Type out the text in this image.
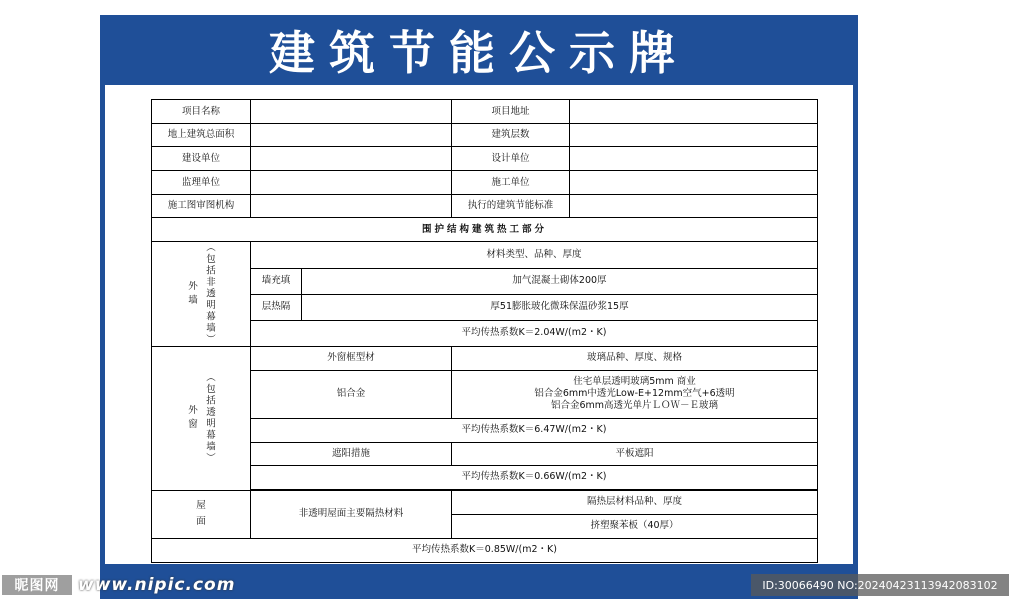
建筑节能公示牌
项目名称			项目地址	
地上建筑总面积			建筑层数	
建设单位			设计单位	
监理单位			施工单位	
施工图审图机构			执行的建筑节能标准	
围护结构建筑热工部分				

外墙 （包括非透明幕墙）	材料类型、品种、厚度			
	墙充填	加气混凝土砌体200厚		
	层热隔	厚51膨胀玻化微珠保温砂浆15厚		
	平均传热系数K＝2.04W/(m2・K)			

外窗 （包括透明幕墙）	外窗框型材		玻璃品种、厚度、规格	
	铝合金		住宅单层透明玻璃5mm 商业
铝合金6mm中透光Low-E+12mm空气+6透明
铝合金6mm高透光单片ＬＯＷ－Ｅ玻璃	

	平均传热系数K＝6.47W/(m2・K)			
	遮阳措施		平板遮阳	
	平均传热系数K＝0.66W/(m2・K)			

屋面	非透明屋面主要隔热材料		隔热层材料品种、厚度	
			挤塑聚苯板（40厚）	
平均传热系数K＝0.85W/(m2・K)				
昵图网	www.nipic.com	ID:30066490 NO:20240423113942083102
